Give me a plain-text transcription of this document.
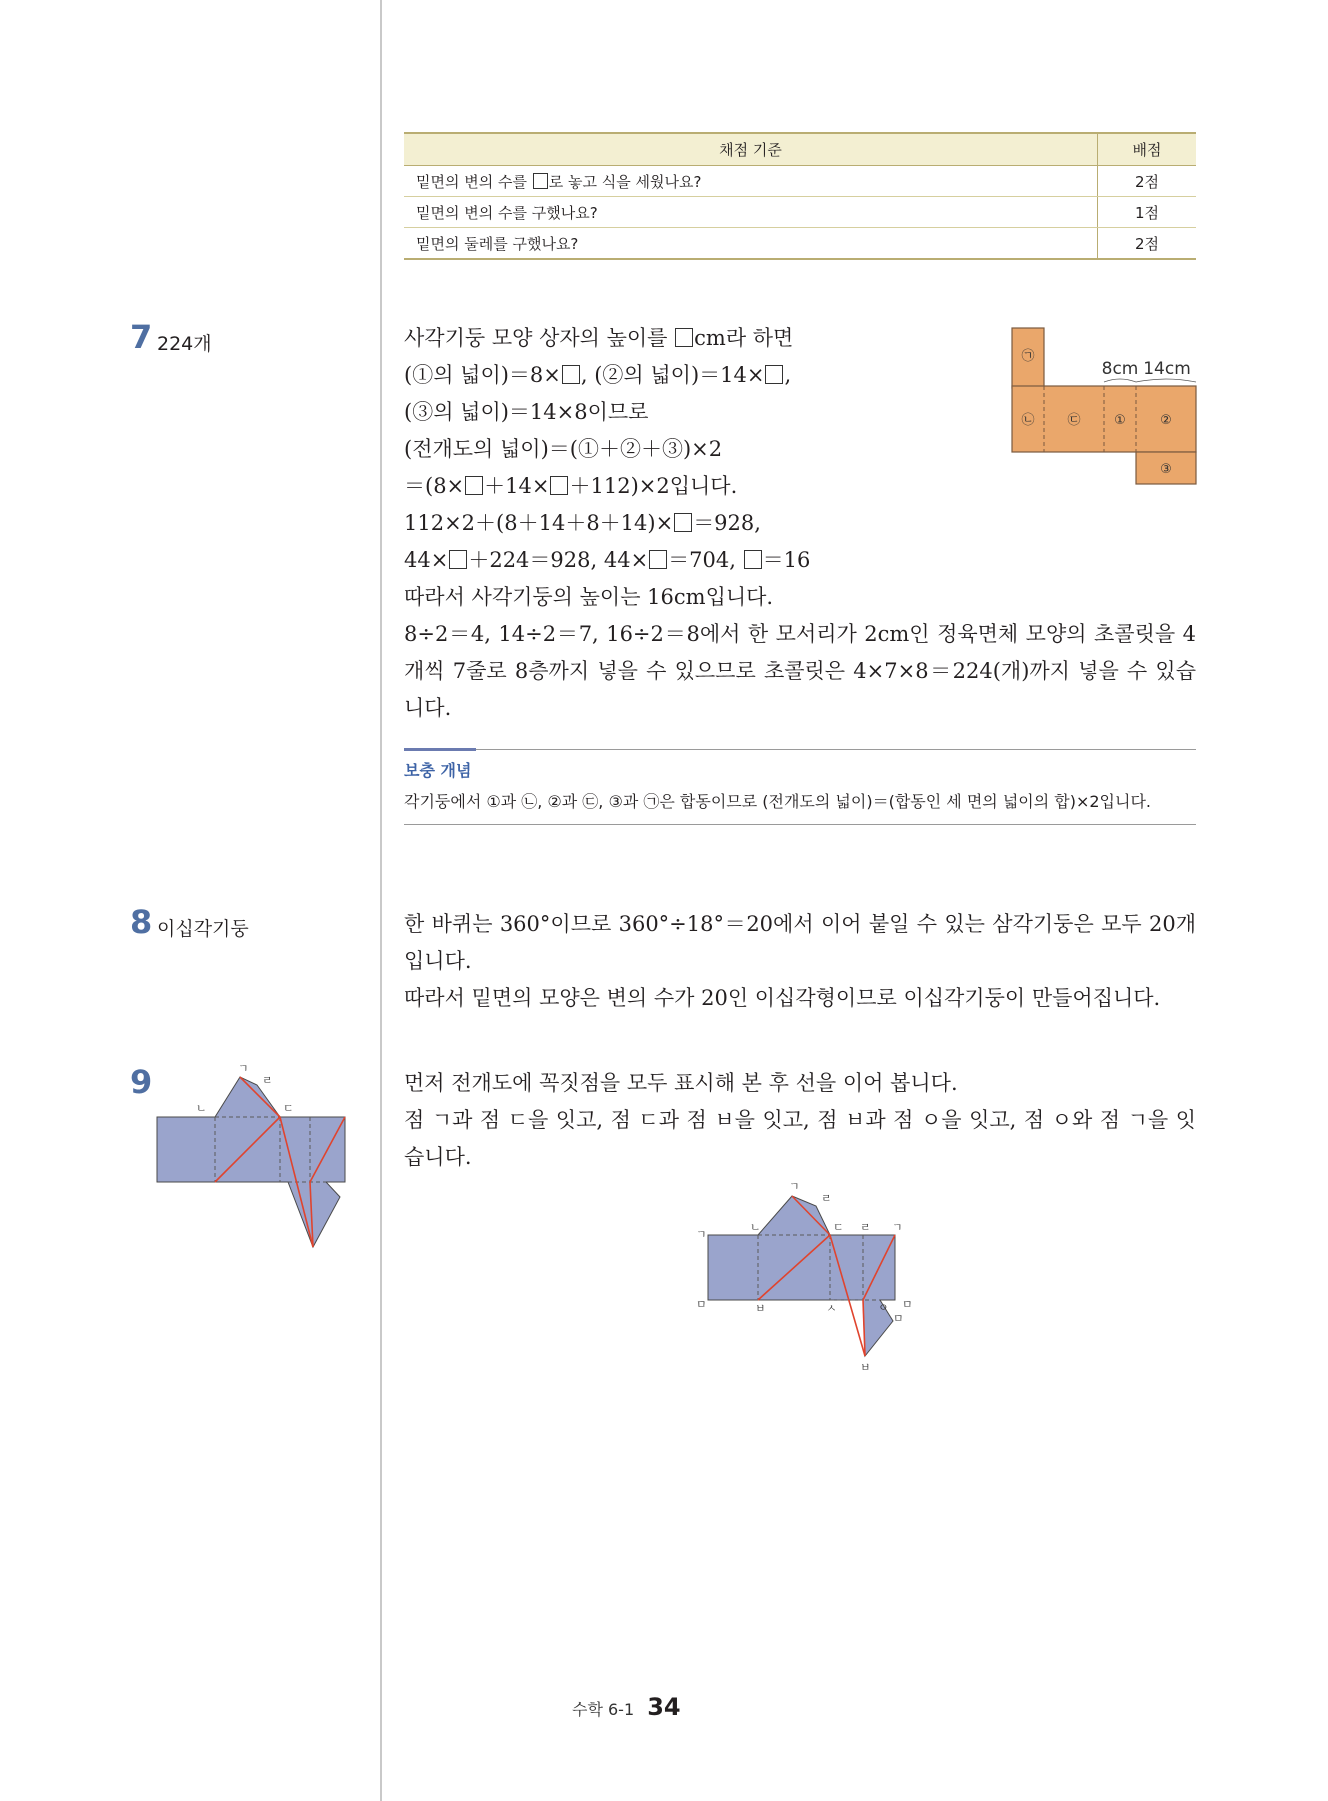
채점 기준	배점
밑면의 변의 수를 로 놓고 식을 세웠나요?	2점
밑면의 변의 수를 구했나요?	1점
밑면의 둘레를 구했나요?	2점
7 224개	사각기둥 모양 상자의 높이를 cm라 하면
(①의 넓이)＝8× , (②의 넓이)＝14× ,
(③의 넓이)＝14×8이므로
(전개도의 넓이)＝(①＋②＋③)×2
＝(8× ＋14× ＋112)×2입니다.
112×2＋(8＋14＋8＋14)× ＝928,
44× ＋224＝928, 44× ＝704, ＝16
따라서 사각기둥의 높이는 16cm입니다.
8÷2＝4, 14÷2＝7, 16÷2＝8에서 한 모서리가 2cm인 정육면체 모양의 초콜릿을 4개씩 7줄로 8층까지 넣을 수 있으므로 초콜릿은 4×7×8＝224(개)까지 넣을 수 있습니다.
㉠
㉡	㉢	①	②
③
8cm 14cm
보충 개념
각기둥에서 ①과 ㉡, ②과 ㉢, ③과 ㉠은 합동이므로 (전개도의 넓이)＝(합동인 세 면의 넓이의 합)×2입니다.
8 이십각기둥	한 바퀴는 360°이므로 360°÷18°＝20에서 이어 붙일 수 있는 삼각기둥은 모두 20개입니다.
따라서 밑면의 모양은 변의 수가 20인 이십각형이므로 이십각기둥이 만들어집니다.
9	먼저 전개도에 꼭짓점을 모두 표시해 본 후 선을 이어 봅니다.
점 ㄱ과 점 ㄷ을 잇고, 점 ㄷ과 점 ㅂ을 잇고, 점 ㅂ과 점 ㅇ을 잇고, 점 ㅇ와 점 ㄱ을 잇습니다.
ㄱ
ㄹ
ㄴ	ㄷ
ㄱ
ㄹ
ㄱ
ㄴ	ㄷ ㄹ ㄱ
ㅁ	ㅂ	ㅅ	ㅇ ㅁ
ㅁ
ㅂ
수학 6-1 34
